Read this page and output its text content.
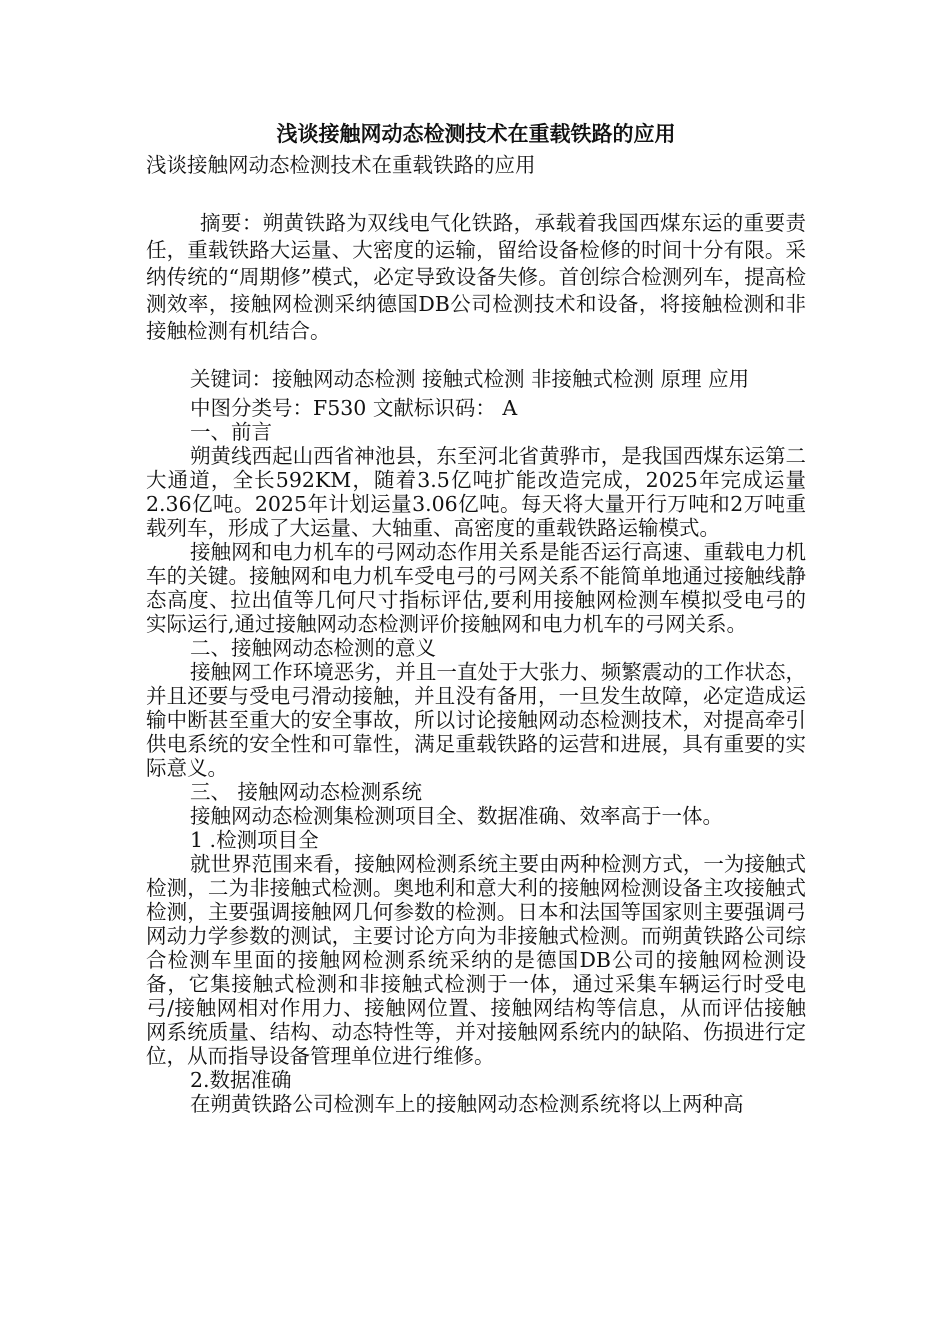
浅谈接触网动态检测技术在重载铁路的应用
浅谈接触网动态检测技术在重载铁路的应用

摘要：朔黄铁路为双线电气化铁路，承载着我国西煤东运的重要责任，重载铁路大运量、大密度的运输，留给设备检修的时间十分有限。采纳传统的“周期修”模式，必定导致设备失修。首创综合检测列车，提高检测效率，接触网检测采纳德国DB公司检测技术和设备，将接触检测和非接触检测有机结合。

关键词：接触网动态检测 接触式检测 非接触式检测 原理 应用

中图分类号：F530 文献标识码： A

一、前言

朔黄线西起山西省神池县，东至河北省黄骅市，是我国西煤东运第二大通道，全长592KM，随着3.5亿吨扩能改造完成，2025年完成运量2.36亿吨。2025年计划运量3.06亿吨。每天将大量开行万吨和2万吨重载列车，形成了大运量、大轴重、高密度的重载铁路运输模式。

接触网和电力机车的弓网动态作用关系是能否运行高速、重载电力机车的关键。接触网和电力机车受电弓的弓网关系不能简单地通过接触线静态高度、拉出值等几何尺寸指标评估,要利用接触网检测车模拟受电弓的实际运行,通过接触网动态检测评价接触网和电力机车的弓网关系。

二、接触网动态检测的意义

接触网工作环境恶劣，并且一直处于大张力、频繁震动的工作状态，并且还要与受电弓滑动接触，并且没有备用，一旦发生故障，必定造成运输中断甚至重大的安全事故，所以讨论接触网动态检测技术，对提高牵引供电系统的安全性和可靠性，满足重载铁路的运营和进展，具有重要的实际意义。

三、 接触网动态检测系统

接触网动态检测集检测项目全、数据准确、效率高于一体。

1 .检测项目全

就世界范围来看，接触网检测系统主要由两种检测方式，一为接触式检测，二为非接触式检测。奥地利和意大利的接触网检测设备主攻接触式检测，主要强调接触网几何参数的检测。日本和法国等国家则主要强调弓网动力学参数的测试，主要讨论方向为非接触式检测。而朔黄铁路公司综合检测车里面的接触网检测系统采纳的是德国DB公司的接触网检测设备，它集接触式检测和非接触式检测于一体，通过采集车辆运行时受电弓/接触网相对作用力、接触网位置、接触网结构等信息，从而评估接触网系统质量、结构、动态特性等，并对接触网系统内的缺陷、伤损进行定位，从而指导设备管理单位进行维修。

2.数据准确

在朔黄铁路公司检测车上的接触网动态检测系统将以上两种高
